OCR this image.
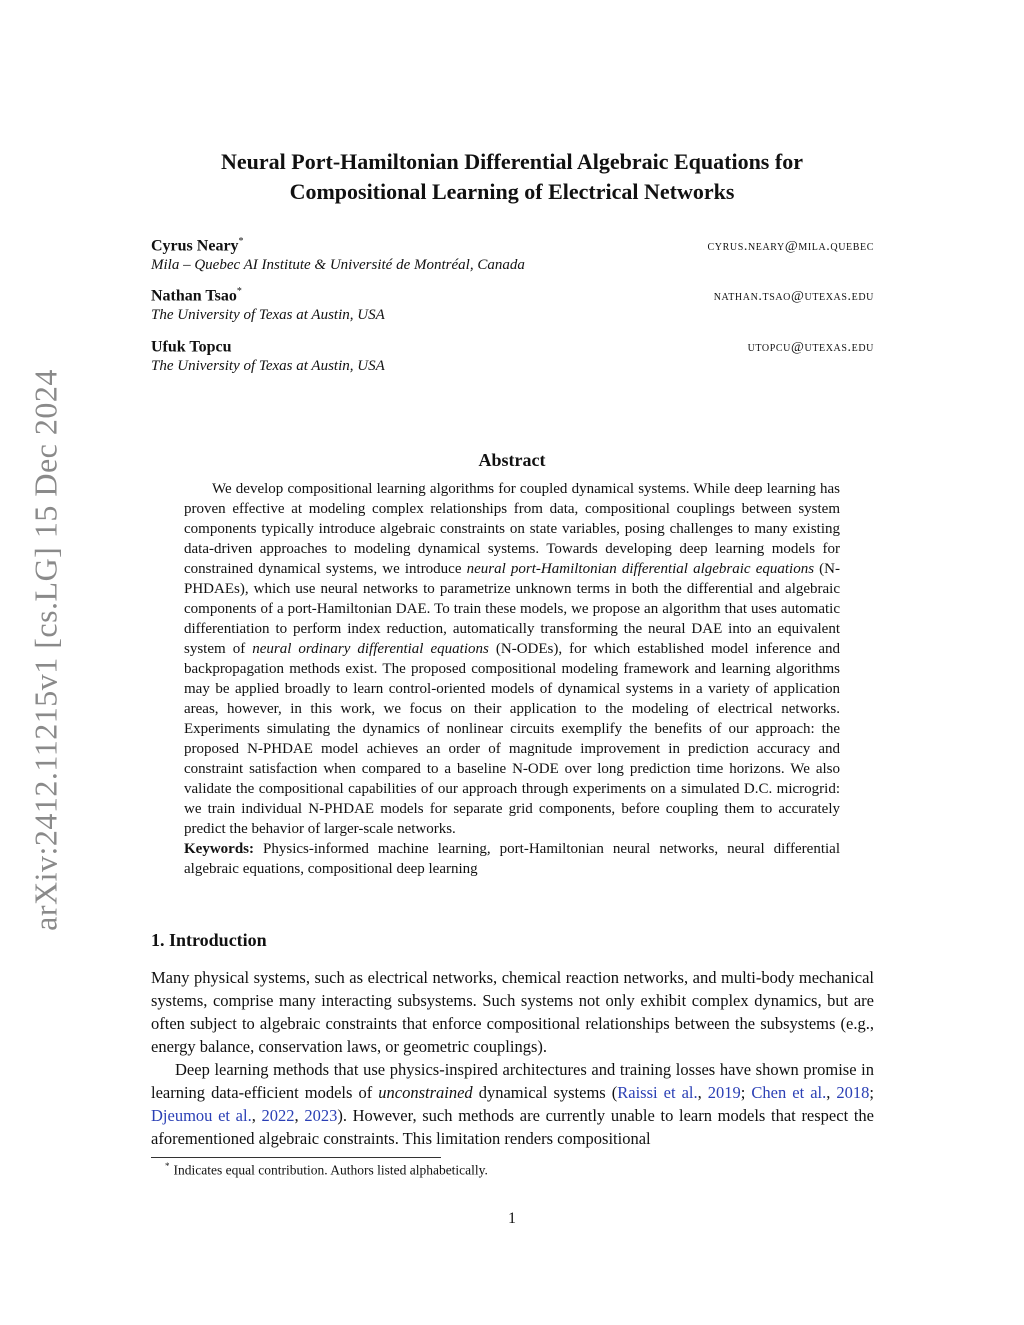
arXiv:2412.11215v1 [cs.LG] 15 Dec 2024
Neural Port-Hamiltonian Differential Algebraic Equations for
Compositional Learning of Electrical Networks
Cyrus Neary*	cyrus.neary@mila.quebec
Mila – Quebec AI Institute & Université de Montréal, Canada
Nathan Tsao*	nathan.tsao@utexas.edu
The University of Texas at Austin, USA
Ufuk Topcu	utopcu@utexas.edu
The University of Texas at Austin, USA
Abstract

We develop compositional learning algorithms for coupled dynamical systems. While deep learning has proven effective at modeling complex relationships from data, compositional couplings between system components typically introduce algebraic constraints on state variables, posing challenges to many existing data-driven approaches to modeling dynamical systems. Towards developing deep learning models for constrained dynamical systems, we introduce neural port-Hamiltonian differential algebraic equations (N-PHDAEs), which use neural networks to parametrize unknown terms in both the differential and algebraic components of a port-Hamiltonian DAE. To train these models, we propose an algorithm that uses automatic differentiation to perform index reduction, automatically transforming the neural DAE into an equivalent system of neural ordinary differential equations (N-ODEs), for which established model inference and backpropagation methods exist. The proposed compositional modeling framework and learning algorithms may be applied broadly to learn control-oriented models of dynamical systems in a variety of application areas, however, in this work, we focus on their application to the modeling of electrical networks. Experiments simulating the dynamics of nonlinear circuits exemplify the benefits of our approach: the proposed N-PHDAE model achieves an order of magnitude improvement in prediction accuracy and constraint satisfaction when compared to a baseline N-ODE over long prediction time horizons. We also validate the compositional capabilities of our approach through experiments on a simulated D.C. microgrid: we train individual N-PHDAE models for separate grid components, before coupling them to accurately predict the behavior of larger-scale networks.

Keywords: Physics-informed machine learning, port-Hamiltonian neural networks, neural differential algebraic equations, compositional deep learning
1. Introduction

Many physical systems, such as electrical networks, chemical reaction networks, and multi-body mechanical systems, comprise many interacting subsystems. Such systems not only exhibit complex dynamics, but are often subject to algebraic constraints that enforce compositional relationships between the subsystems (e.g., energy balance, conservation laws, or geometric couplings).

Deep learning methods that use physics-inspired architectures and training losses have shown promise in learning data-efficient models of unconstrained dynamical systems (Raissi et al., 2019; Chen et al., 2018; Djeumou et al., 2022, 2023). However, such methods are currently unable to learn models that respect the aforementioned algebraic constraints. This limitation renders compositional

* Indicates equal contribution. Authors listed alphabetically.
1
